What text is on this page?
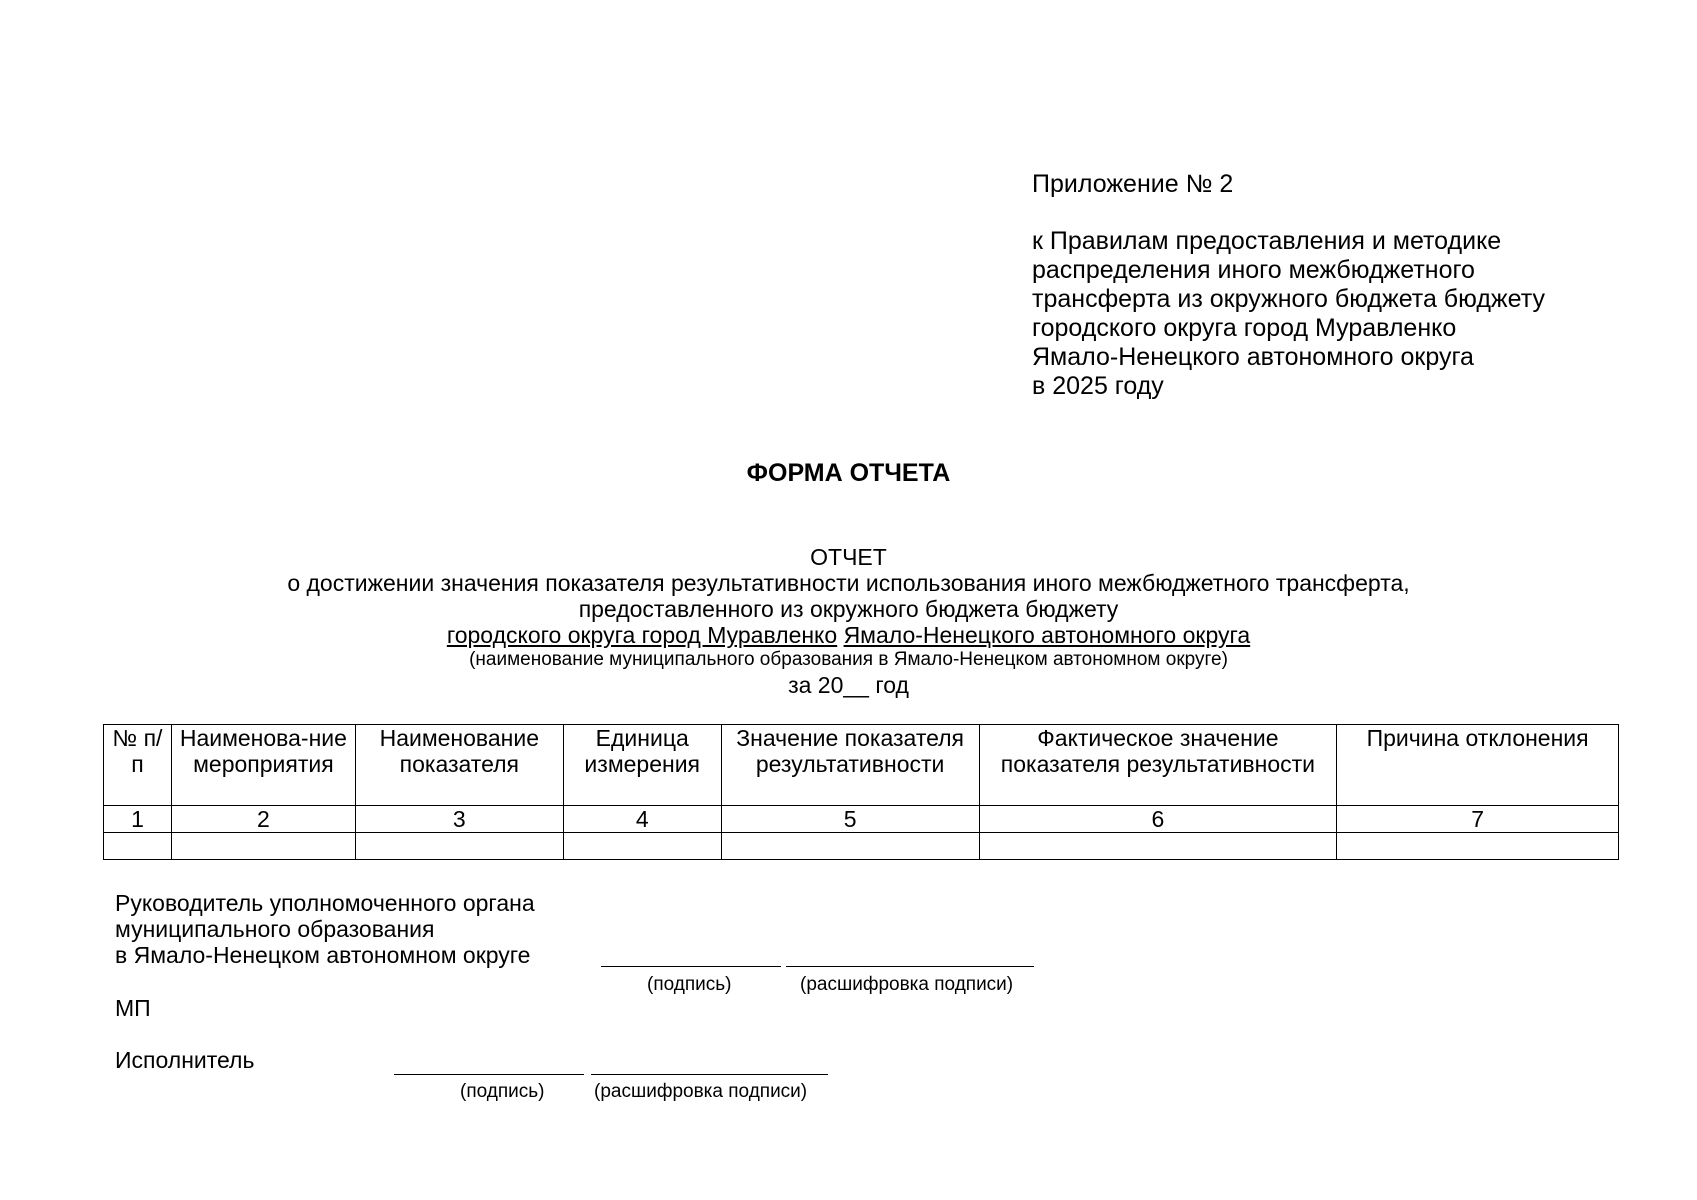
Приложение № 2
к Правилам предоставления и методике
распределения иного межбюджетного
трансферта из окружного бюджета бюджету
городского округа город Муравленко
Ямало-Ненецкого автономного округа
в 2025 году
ФОРМА ОТЧЕТА
ОТЧЕТ
о достижении значения показателя результативности использования иного межбюджетного трансферта,
предоставленного из окружного бюджета бюджету
городского округа город Муравленко Ямало-Ненецкого автономного округа
(наименование муниципального образования в Ямало-Ненецком автономном округе)
за 20__ год
№ п/п	Наименова-ние мероприятия	Наименование показателя	Единица измерения	Значение показателя результативности	Фактическое значение показателя результативности	Причина отклонения
1	2	3	4	5	6	7

Руководитель уполномоченного органа
муниципального образования
в Ямало-Ненецком автономном округе
(подпись)	(расшифровка подписи)
МП
Исполнитель
(подпись)	(расшифровка подписи)
